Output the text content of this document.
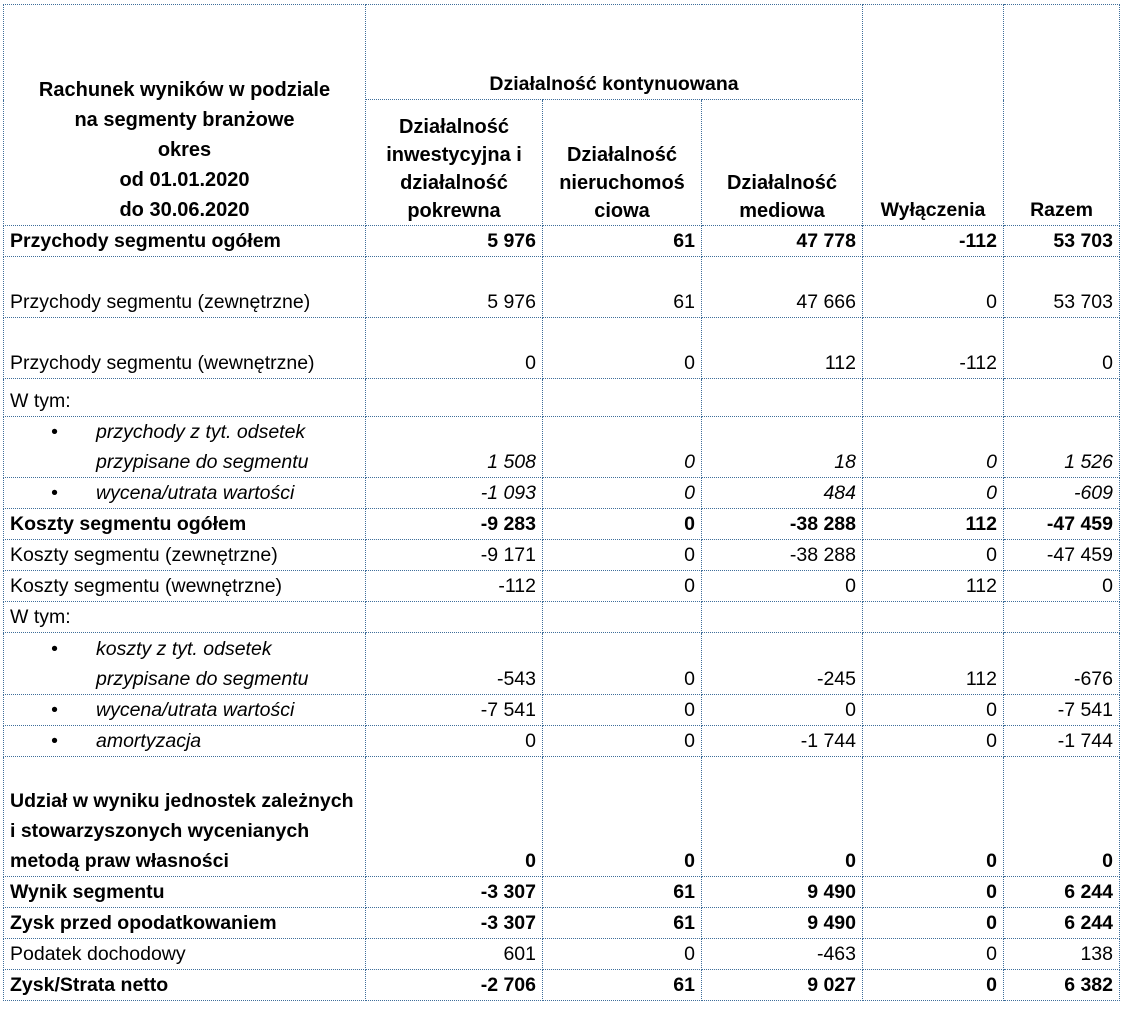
Rachunek wyników w podziale
na segmenty branżowe
okres
od 01.01.2020
do 30.06.2020	Działalność kontynuowana			Wyłączenia	Razem
	Działalność inwestycyjna i działalność pokrewna	Działalność nieruchomoś ciowa	Działalność mediowa		
Przychody segmentu ogółem	5 976	61	47 778	-112	53 703
Przychody segmentu (zewnętrzne)	5 976	61	47 666	0	53 703
Przychody segmentu (wewnętrzne)	0	0	112	-112	0
W tym:					

• przychody z tyt. odsetek przypisane do segmentu	1 508	0	18	0	1 526

• wycena/utrata wartości	-1 093	0	484	0	-609
Koszty segmentu ogółem	-9 283	0	-38 288	112	-47 459
Koszty segmentu (zewnętrzne)	-9 171	0	-38 288	0	-47 459
Koszty segmentu (wewnętrzne)	-112	0	0	112	0
W tym:					

• koszty z tyt. odsetek przypisane do segmentu	-543	0	-245	112	-676

• wycena/utrata wartości	-7 541	0	0	0	-7 541

• amortyzacja	0	0	-1 744	0	-1 744
Udział w wyniku jednostek zależnych i stowarzyszonych wycenianych metodą praw własności	0	0	0	0	0
Wynik segmentu	-3 307	61	9 490	0	6 244
Zysk przed opodatkowaniem	-3 307	61	9 490	0	6 244
Podatek dochodowy	601	0	-463	0	138
Zysk/Strata netto	-2 706	61	9 027	0	6 382
